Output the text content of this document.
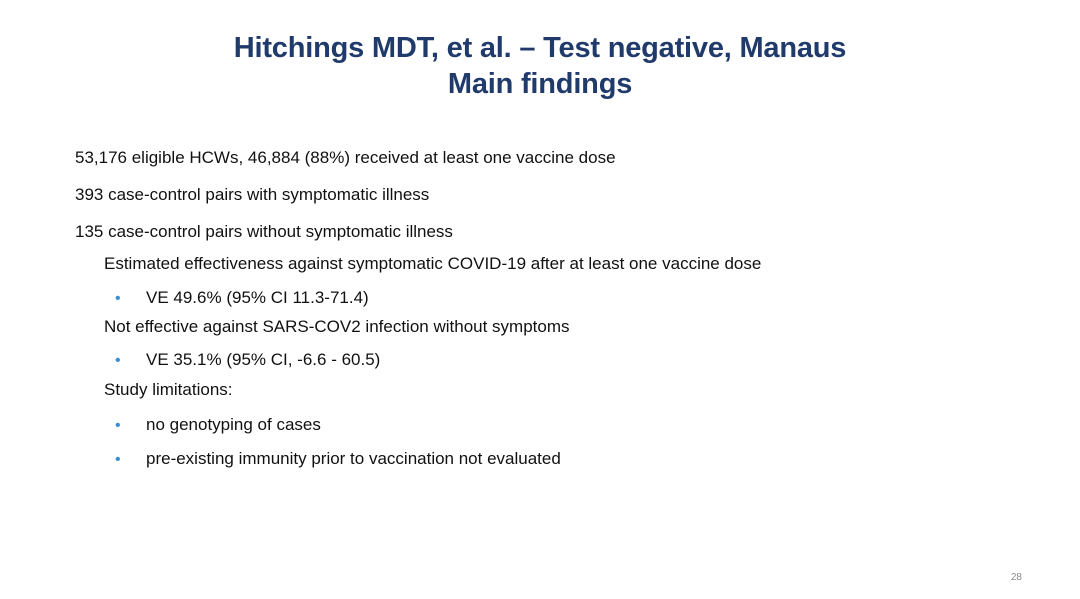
Hitchings MDT, et al. – Test negative, Manaus
Main findings
53,176 eligible HCWs, 46,884 (88%) received at least one vaccine dose
393 case-control pairs with symptomatic illness
135 case-control pairs without symptomatic illness
Estimated effectiveness against symptomatic COVID-19 after at least one vaccine dose
• VE 49.6% (95% CI 11.3-71.4)
Not effective against SARS-COV2 infection without symptoms
• VE 35.1% (95% CI, -6.6 - 60.5)
Study limitations:
• no genotyping of cases
• pre-existing immunity prior to vaccination not evaluated
28
